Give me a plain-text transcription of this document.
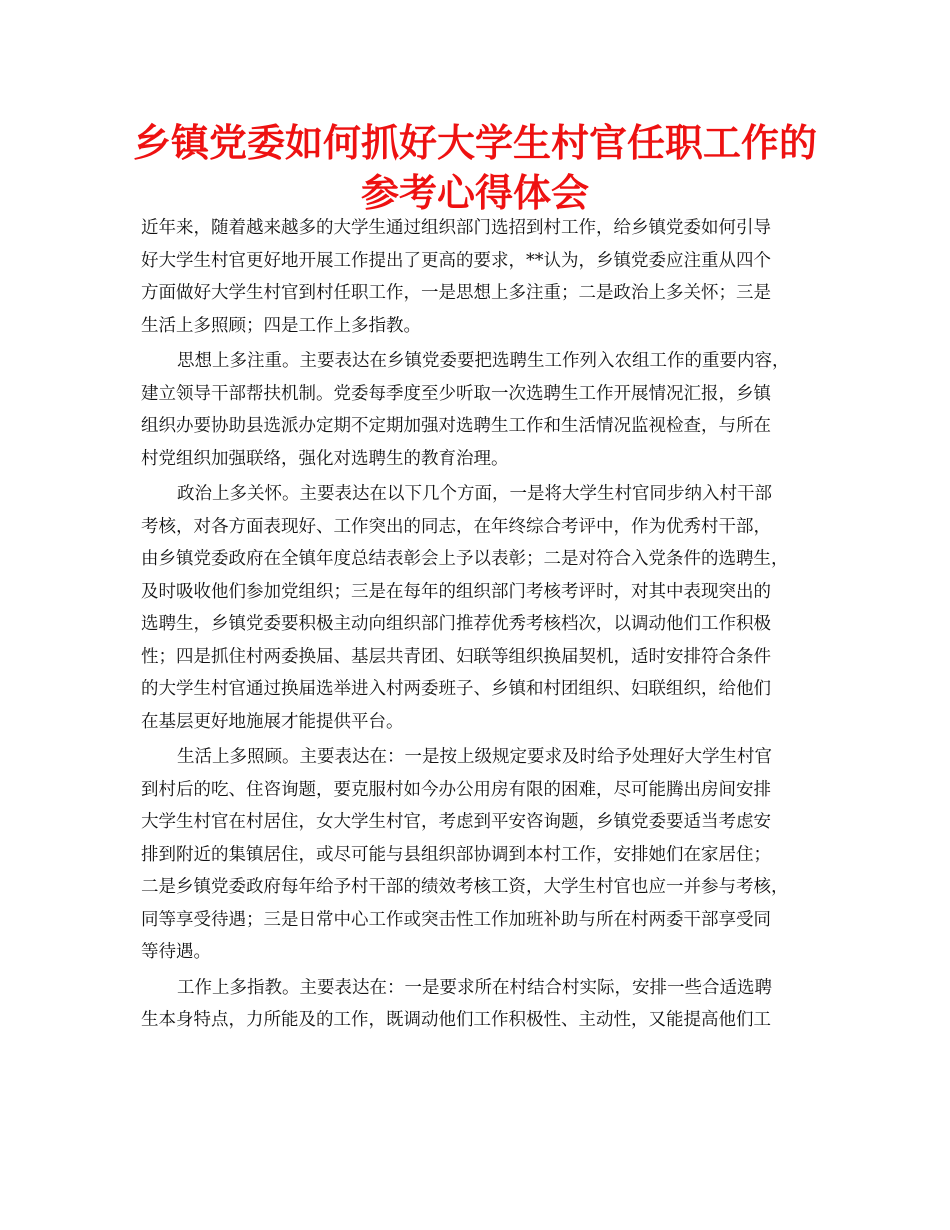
乡镇党委如何抓好大学生村官任职工作的
参考心得体会
近年来，随着越来越多的大学生通过组织部门选招到村工作，给乡镇党委如何引导
好大学生村官更好地开展工作提出了更高的要求，**认为，乡镇党委应注重从四个
方面做好大学生村官到村任职工作，一是思想上多注重；二是政治上多关怀；三是
生活上多照顾；四是工作上多指教。
思想上多注重。主要表达在乡镇党委要把选聘生工作列入农组工作的重要内容，
建立领导干部帮扶机制。党委每季度至少听取一次选聘生工作开展情况汇报，乡镇
组织办要协助县选派办定期不定期加强对选聘生工作和生活情况监视检查，与所在
村党组织加强联络，强化对选聘生的教育治理。
政治上多关怀。主要表达在以下几个方面，一是将大学生村官同步纳入村干部
考核，对各方面表现好、工作突出的同志，在年终综合考评中，作为优秀村干部，
由乡镇党委政府在全镇年度总结表彰会上予以表彰；二是对符合入党条件的选聘生，
及时吸收他们参加党组织；三是在每年的组织部门考核考评时，对其中表现突出的
选聘生，乡镇党委要积极主动向组织部门推荐优秀考核档次，以调动他们工作积极
性；四是抓住村两委换届、基层共青团、妇联等组织换届契机，适时安排符合条件
的大学生村官通过换届选举进入村两委班子、乡镇和村团组织、妇联组织，给他们
在基层更好地施展才能提供平台。
生活上多照顾。主要表达在：一是按上级规定要求及时给予处理好大学生村官
到村后的吃、住咨询题，要克服村如今办公用房有限的困难，尽可能腾出房间安排
大学生村官在村居住，女大学生村官，考虑到平安咨询题，乡镇党委要适当考虑安
排到附近的集镇居住，或尽可能与县组织部协调到本村工作，安排她们在家居住；
二是乡镇党委政府每年给予村干部的绩效考核工资，大学生村官也应一并参与考核，
同等享受待遇；三是日常中心工作或突击性工作加班补助与所在村两委干部享受同
等待遇。
工作上多指教。主要表达在：一是要求所在村结合村实际，安排一些合适选聘
生本身特点，力所能及的工作，既调动他们工作积极性、主动性，又能提高他们工
